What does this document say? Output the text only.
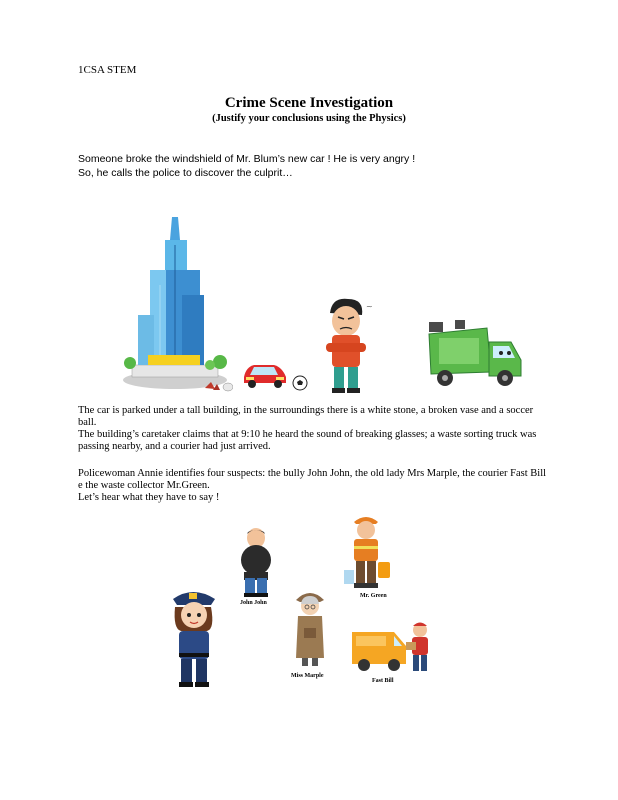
1CSA STEM
Crime Scene Investigation
(Justify your conclusions using the Physics)

Someone broke the windshield of Mr. Blum’s new car ! He is very angry !

So, he calls the police to discover the culprit…

~

The car is parked under a tall building, in the surroundings there is a white stone, a broken vase and a soccer ball.

The building’s caretaker claims that at 9:10 he heard the sound of breaking glasses; a waste sorting truck was passing nearby, and a courier had just arrived.

Policewoman Annie identifies four suspects: the bully John John, the old lady Mrs Marple, the courier Fast Bill e the waste collector Mr.Green.

Let’s hear what they have to say !

John John
Mr. Green
Miss Marple
Fast Bill
